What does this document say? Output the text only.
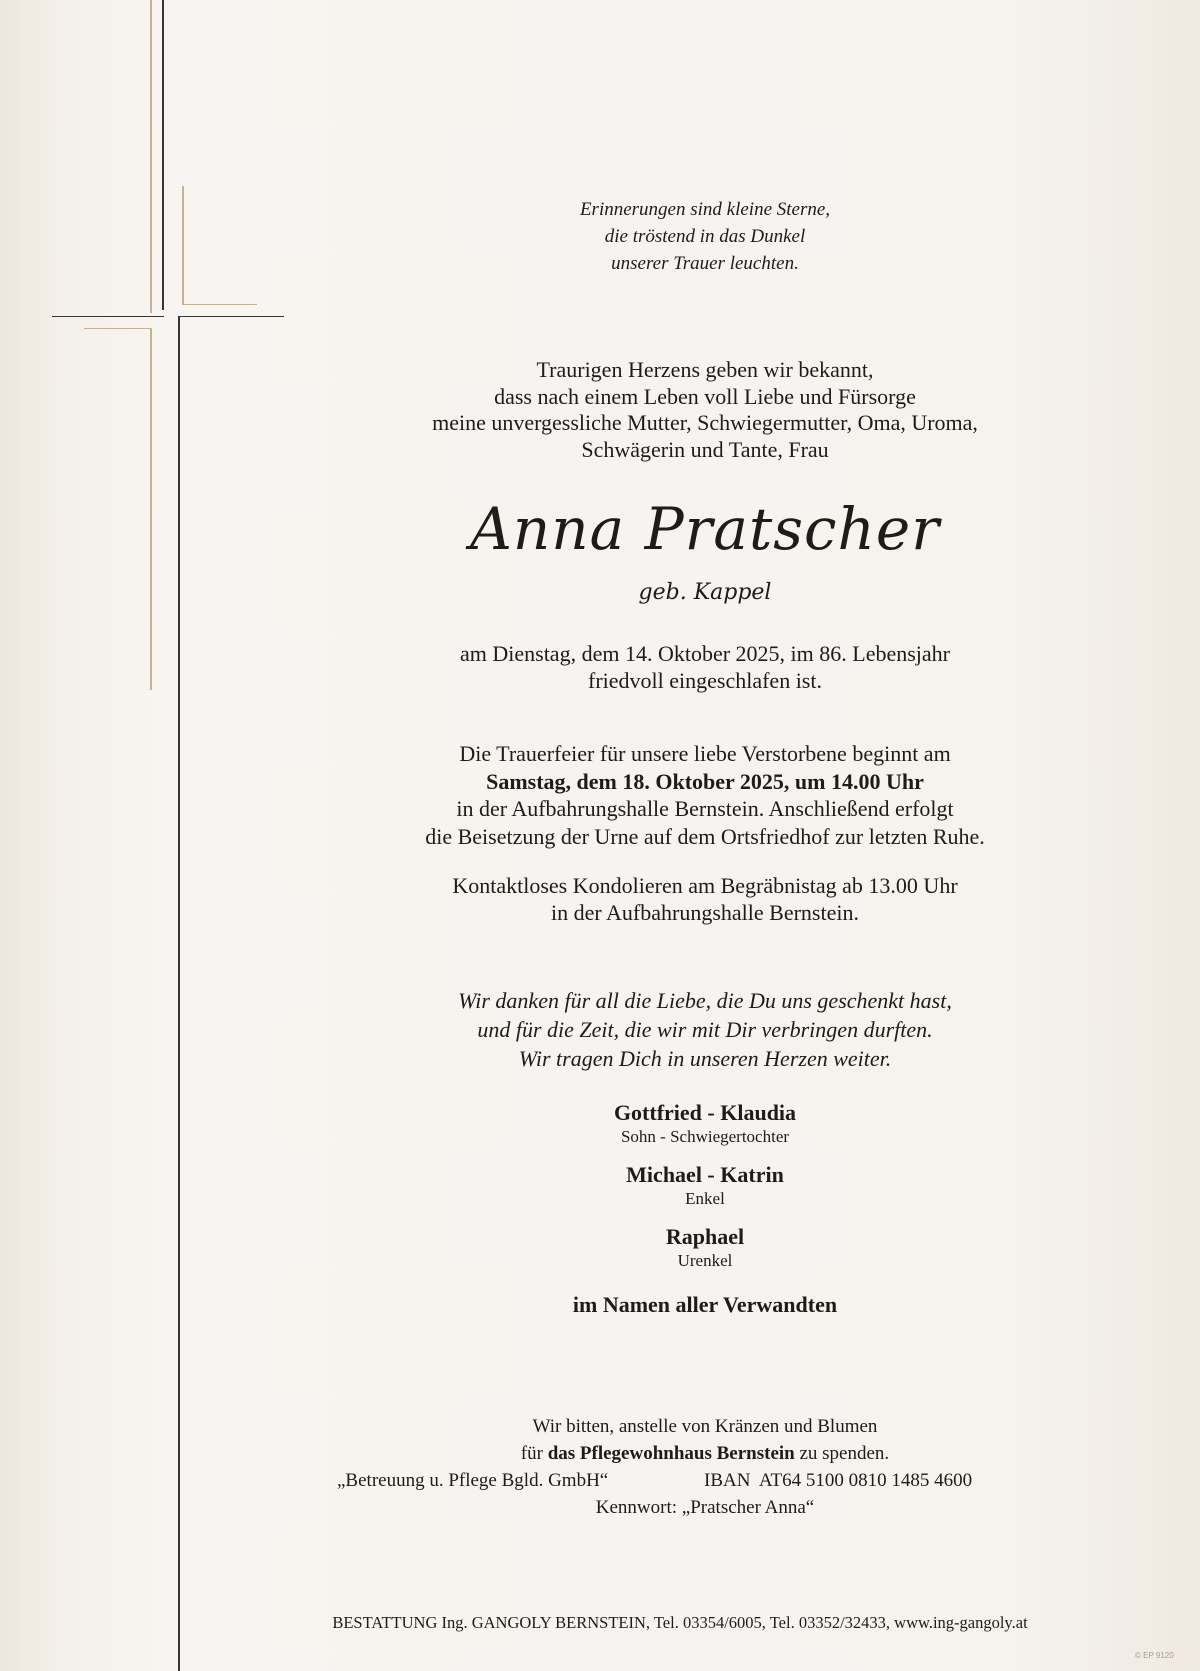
Erinnerungen sind kleine Sterne,
die tröstend in das Dunkel
unserer Trauer leuchten.
Traurigen Herzens geben wir bekannt,
dass nach einem Leben voll Liebe und Fürsorge
meine unvergessliche Mutter, Schwiegermutter, Oma, Uroma,
Schwägerin und Tante, Frau
Anna Pratscher
geb. Kappel
am Dienstag, dem 14. Oktober 2025, im 86. Lebensjahr
friedvoll eingeschlafen ist.
Die Trauerfeier für unsere liebe Verstorbene beginnt am
Samstag, dem 18. Oktober 2025, um 14.00 Uhr
in der Aufbahrungshalle Bernstein. Anschließend erfolgt
die Beisetzung der Urne auf dem Ortsfriedhof zur letzten Ruhe.
Kontaktloses Kondolieren am Begräbnistag ab 13.00 Uhr
in der Aufbahrungshalle Bernstein.
Wir danken für all die Liebe, die Du uns geschenkt hast,
und für die Zeit, die wir mit Dir verbringen durften.
Wir tragen Dich in unseren Herzen weiter.
Gottfried - Klaudia
Sohn - Schwiegertochter
Michael - Katrin
Enkel
Raphael
Urenkel
im Namen aller Verwandten
Wir bitten, anstelle von Kränzen und Blumen
für das Pflegewohnhaus Bernstein zu spenden.
„Betreuung u. Pflege Bgld. GmbH“	IBAN  AT64 5100 0810 1485 4600
Kennwort: „Pratscher Anna“
BESTATTUNG Ing. GANGOLY BERNSTEIN, Tel. 03354/6005, Tel. 03352/32433, www.ing-gangoly.at
© EP 9120
